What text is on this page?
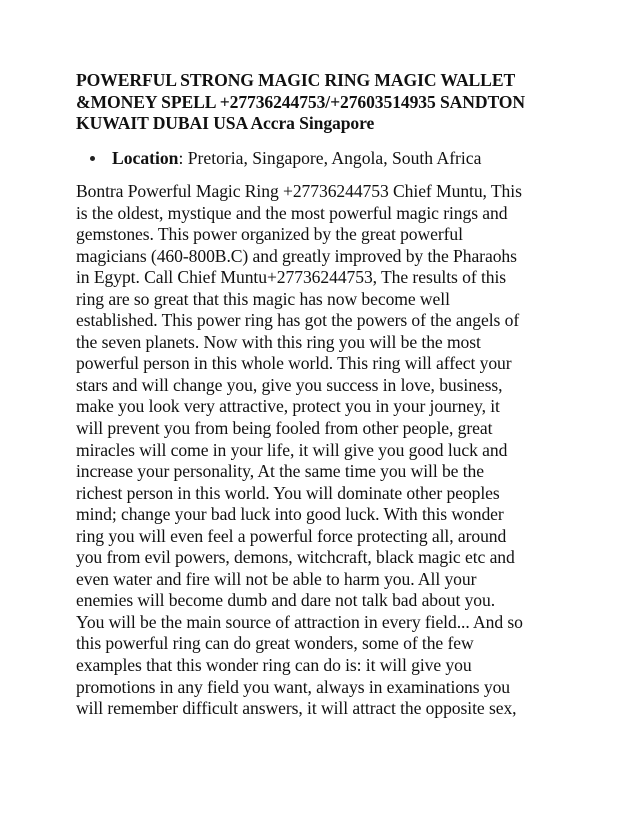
POWERFUL STRONG MAGIC RING MAGIC WALLET
&MONEY SPELL +27736244753/+27603514935 SANDTON
KUWAIT DUBAI USA Accra Singapore
Location: Pretoria, Singapore, Angola, South Africa

Bontra Powerful Magic Ring +27736244753 Chief Muntu, This
is the oldest, mystique and the most powerful magic rings and
gemstones. This power organized by the great powerful
magicians (460-800B.C) and greatly improved by the Pharaohs
in Egypt. Call Chief Muntu+27736244753, The results of this
ring are so great that this magic has now become well
established. This power ring has got the powers of the angels of
the seven planets. Now with this ring you will be the most
powerful person in this whole world. This ring will affect your
stars and will change you, give you success in love, business,
make you look very attractive, protect you in your journey, it
will prevent you from being fooled from other people, great
miracles will come in your life, it will give you good luck and
increase your personality, At the same time you will be the
richest person in this world. You will dominate other peoples
mind; change your bad luck into good luck. With this wonder
ring you will even feel a powerful force protecting all, around
you from evil powers, demons, witchcraft, black magic etc and
even water and fire will not be able to harm you. All your
enemies will become dumb and dare not talk bad about you.
You will be the main source of attraction in every field... And so
this powerful ring can do great wonders, some of the few
examples that this wonder ring can do is: it will give you
promotions in any field you want, always in examinations you
will remember difficult answers, it will attract the opposite sex,
